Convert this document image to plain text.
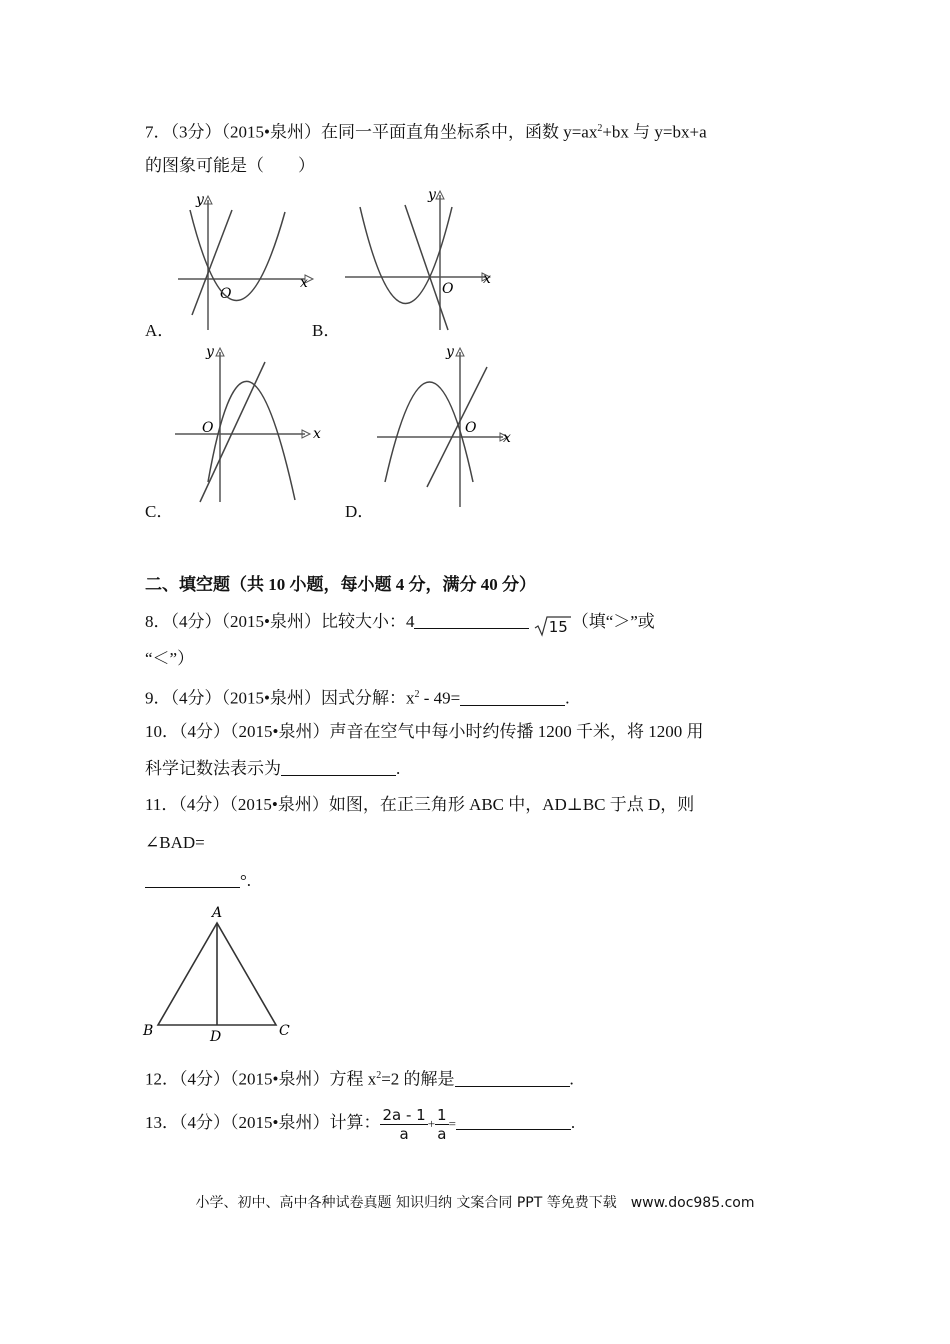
7．（3分）（2015•泉州）在同一平面直角坐标系中，函数 $y=ax^2+bx$ 与 y=bx+a
的图象可能是（　　）
y
x
O
A．
y
x
O
B．
y
x
O
C．
y
x
O
D．
二、填空题（共 10 小题，每小题 4 分，满分 40 分）
8．（4分）（2015•泉州）比较大小：4	15 （填“＞”或
“＜”）
9．（4分）（2015•泉州）因式分解：$x^2 - 49=$	.
10．（4分）（2015•泉州）声音在空气中每小时约传播 1200 千米，将 1200 用
科学记数法表示为	.
11．（4分）（2015•泉州）如图，在正三角形 ABC 中，AD⊥BC 于点 D，则
∠BAD=
°.
A
B	C
D
12．（4分）（2015•泉州）方程 $x^2=2$ 的解是	.
13．（4分）（2015•泉州）计算： $\frac{2a - 1}{a} + \frac{1}{a}$ =	.
小学、初中、高中各种试卷真题 知识归纳 文案合同 PPT 等免费下载　www.doc985.com
